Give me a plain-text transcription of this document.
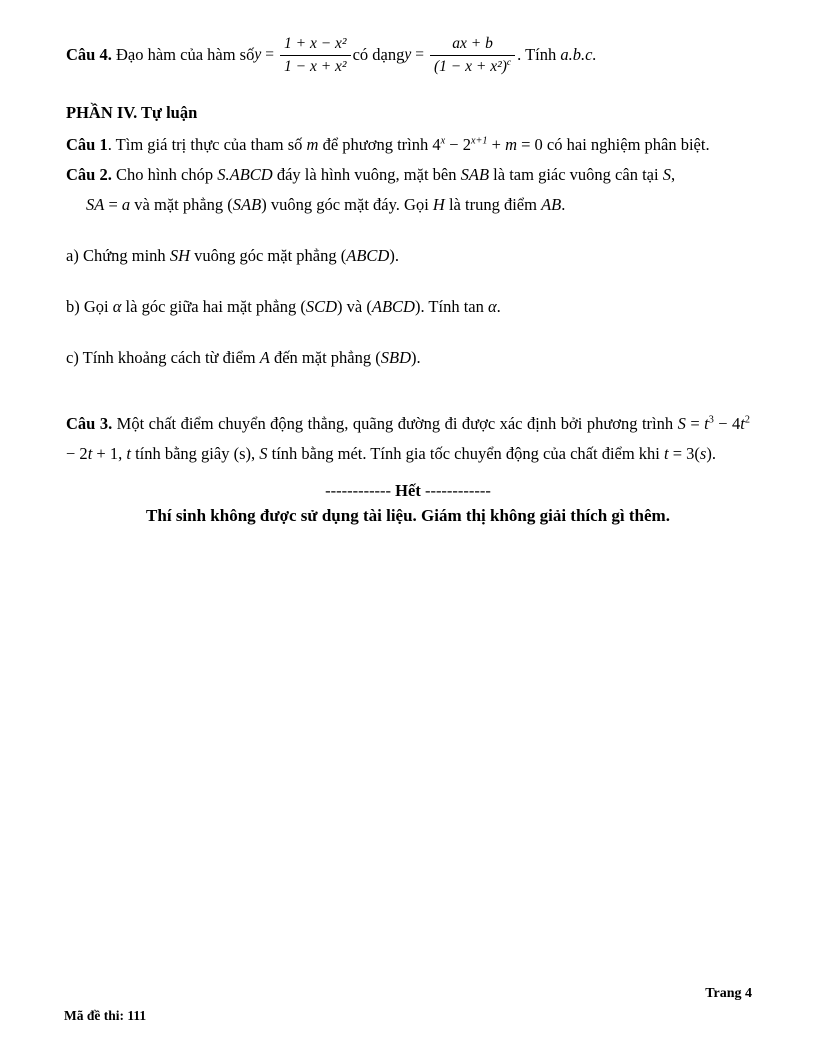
Câu 4. Đạo hàm của hàm số $y = \frac{\text{1 + x − x²}}{\text{1 − x + x²}}$ có dạng $y = \frac{ax + b}{(1 - x + x^2)^c}$ . Tính a.b.c.
PHẦN IV. Tự luận
Câu 1. Tìm giá trị thực của tham số m để phương trình $4^x - 2^{x+1} + m = 0$ có hai nghiệm phân biệt.
Câu 2. Cho hình chóp S.ABCD đáy là hình vuông, mặt bên SAB là tam giác vuông cân tại S,
SA = a và mặt phẳng (SAB) vuông góc mặt đáy. Gọi H là trung điểm AB.
a) Chứng minh SH vuông góc mặt phẳng (ABCD).
b) Gọi α là góc giữa hai mặt phẳng (SCD) và (ABCD). Tính tan α.
c) Tính khoảng cách từ điểm A đến mặt phẳng (SBD).
Câu 3. Một chất điểm chuyển động thẳng, quãng đường đi được xác định bởi phương trình $S = t^3 - 4t^2 - 2t + 1$, t tính bằng giây (s), S tính bằng mét. Tính gia tốc chuyển động của chất điểm khi t = 3(s).
------------ Hết ------------
Thí sinh không được sử dụng tài liệu. Giám thị không giải thích gì thêm.
Trang 4
Mã đề thi: 111
